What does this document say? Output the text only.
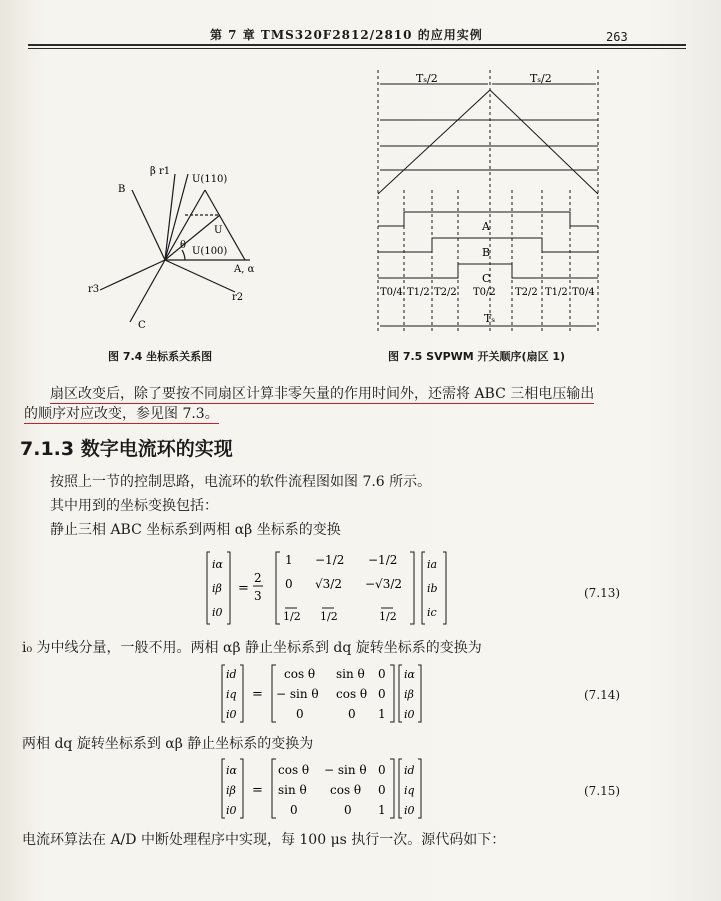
第 7 章 TMS320F2812/2810 的应用实例	263
β r1
U(110)
B
U
θ
U(100)
A, α
r3
r2
C
图 7.4 坐标系关系图
Tₛ/2	Tₛ/2
A
B
C
T0/4 T1/2 T2/2 T0/2 T2/2 T1/2 T0/4
Tₛ
图 7.5 SVPWM 开关顺序(扇区 1)
扇区改变后，除了要按不同扇区计算非零矢量的作用时间外，还需将 ABC 三相电压输出
的顺序对应改变，参见图 7.3。
7.1.3 数字电流环的实现
按照上一节的控制思路，电流环的软件流程图如图 7.6 所示。
其中用到的坐标变换包括：
静止三相 ABC 坐标系到两相 αβ 坐标系的变换
iα
iβ
i0
ia
ib
ic
=
2
3
1 −1/2 −1/2
0 √3/2 −√3/2
1/2 1/2	1/2
(7.13)
i₀ 为中线分量，一般不用。两相 αβ 静止坐标系到 dq 旋转坐标系的变换为
id
iq
i0
iα
iβ
i0
=
cos θ sin θ 0
− sin θ cos θ 0
0	0 1
(7.14)
两相 dq 旋转坐标系到 αβ 静止坐标系的变换为
iα
iβ
i0
id
iq
i0
=
cos θ − sin θ 0
sin θ cos θ 0
0	0 1
(7.15)
电流环算法在 A/D 中断处理程序中实现，每 100 μs 执行一次。源代码如下：
